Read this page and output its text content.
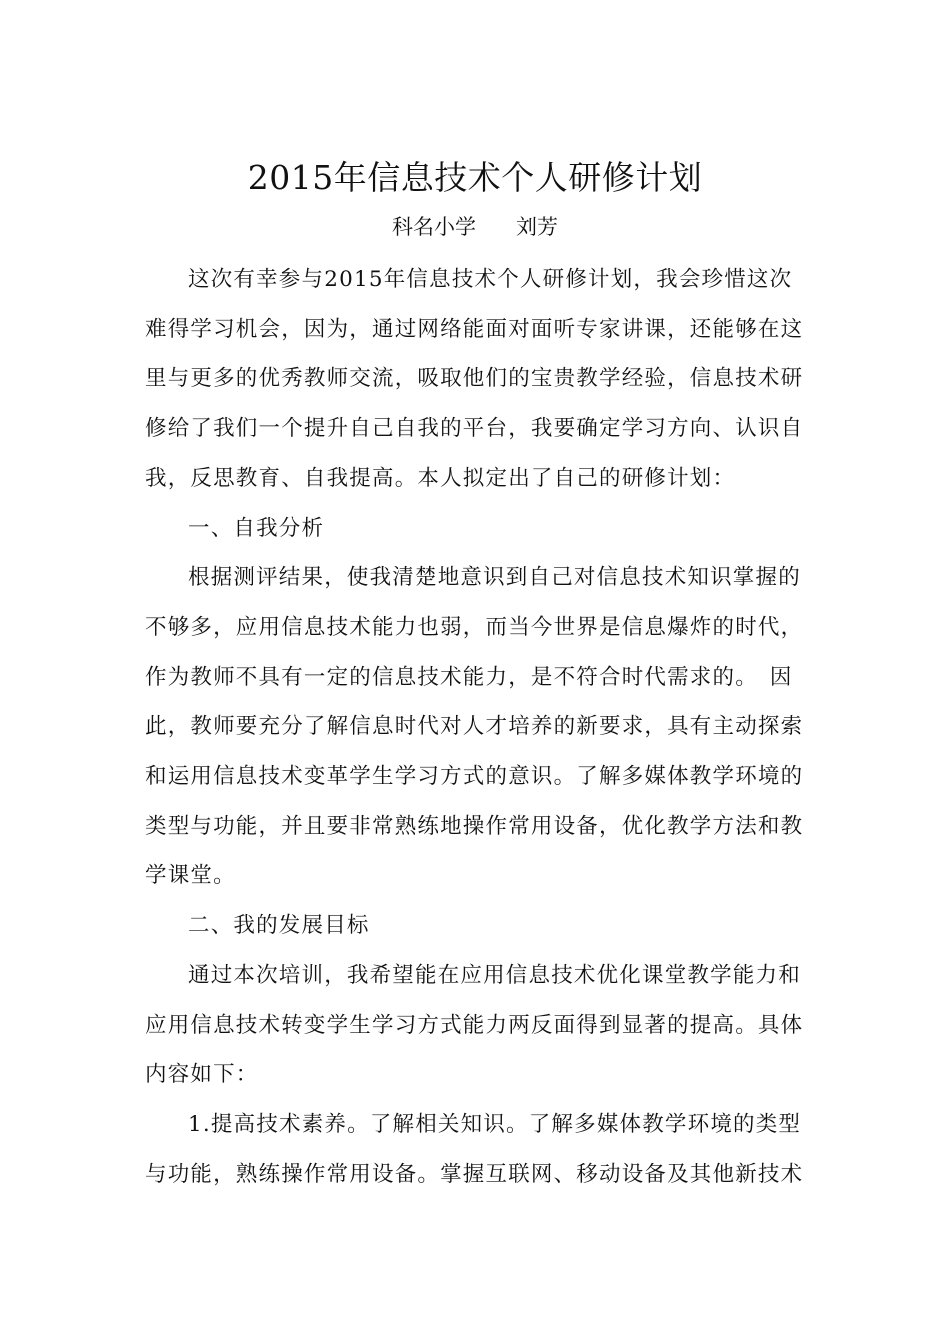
2015年信息技术个人研修计划
科名小学 刘芳

这次有幸参与2015年信息技术个人研修计划，我会珍惜这次难得学习机会，因为，通过网络能面对面听专家讲课，还能够在这里与更多的优秀教师交流，吸取他们的宝贵教学经验，信息技术研修给了我们一个提升自己自我的平台，我要确定学习方向、认识自我，反思教育、自我提高。本人拟定出了自己的研修计划：

一、自我分析

根据测评结果，使我清楚地意识到自己对信息技术知识掌握的不够多，应用信息技术能力也弱，而当今世界是信息爆炸的时代，作为教师不具有一定的信息技术能力，是不符合时代需求的。　因此，教师要充分了解信息时代对人才培养的新要求，具有主动探索和运用信息技术变革学生学习方式的意识。了解多媒体教学环境的类型与功能，并且要非常熟练地操作常用设备，优化教学方法和教学课堂。

二、我的发展目标

通过本次培训，我希望能在应用信息技术优化课堂教学能力和应用信息技术转变学生学习方式能力两反面得到显著的提高。具体内容如下：

1.提高技术素养。了解相关知识。了解多媒体教学环境的类型与功能，熟练操作常用设备。掌握互联网、移动设备及其他新技术
